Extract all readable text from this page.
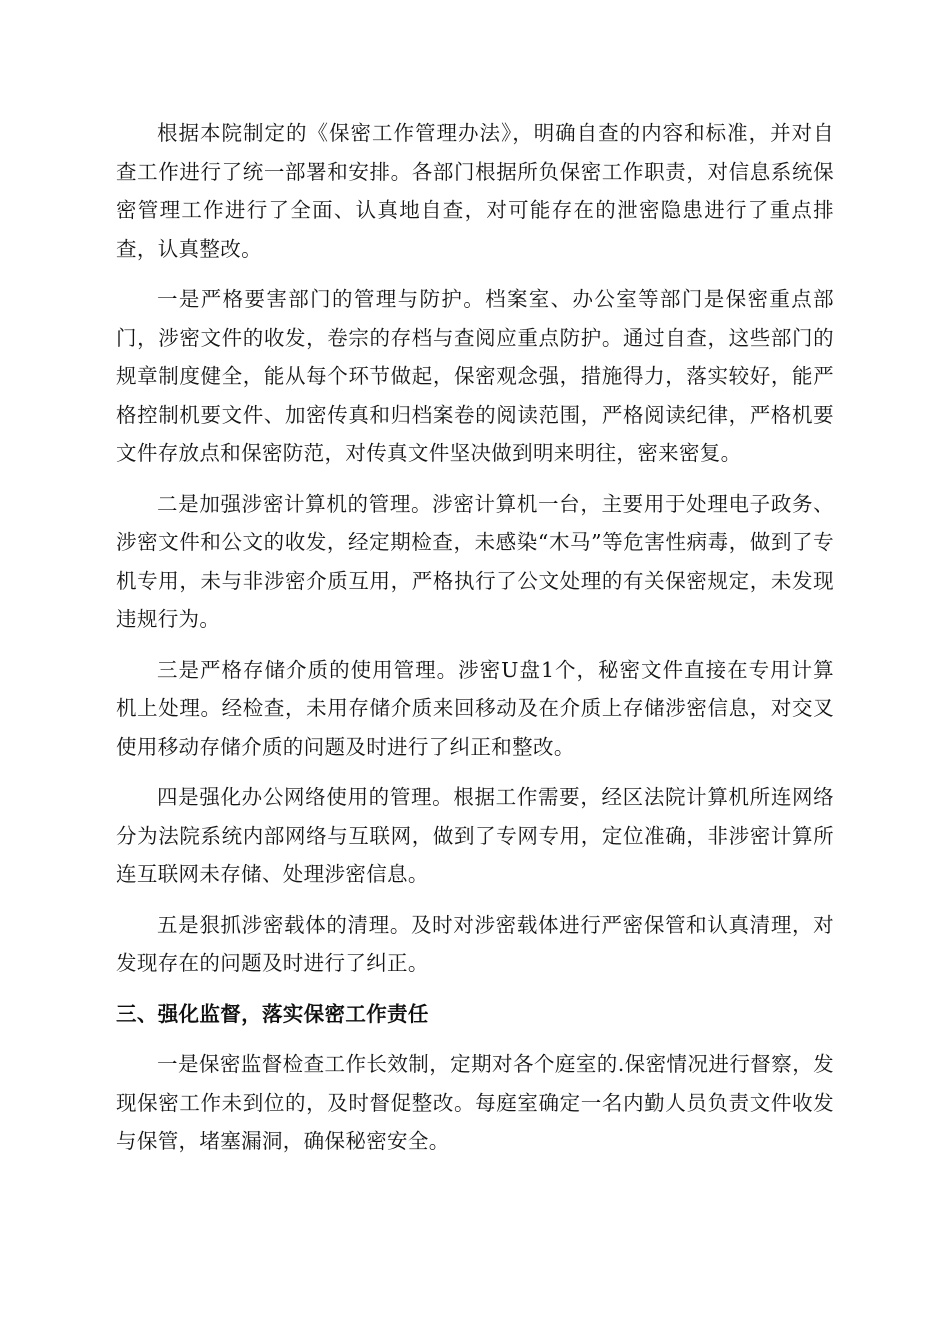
根据本院制定的《保密工作管理办法》，明确自查的内容和标准，并对自查工作进行了统一部署和安排。各部门根据所负保密工作职责，对信息系统保密管理工作进行了全面、认真地自查，对可能存在的泄密隐患进行了重点排查，认真整改。

一是严格要害部门的管理与防护。档案室、办公室等部门是保密重点部门，涉密文件的收发，卷宗的存档与查阅应重点防护。通过自查，这些部门的规章制度健全，能从每个环节做起，保密观念强，措施得力，落实较好，能严格控制机要文件、加密传真和归档案卷的阅读范围，严格阅读纪律，严格机要文件存放点和保密防范，对传真文件坚决做到明来明往，密来密复。

二是加强涉密计算机的管理。涉密计算机一台，主要用于处理电子政务、涉密文件和公文的收发，经定期检查，未感染“木马”等危害性病毒，做到了专机专用，未与非涉密介质互用，严格执行了公文处理的有关保密规定，未发现违规行为。

三是严格存储介质的使用管理。涉密U盘1个，秘密文件直接在专用计算机上处理。经检查，未用存储介质来回移动及在介质上存储涉密信息，对交叉使用移动存储介质的问题及时进行了纠正和整改。

四是强化办公网络使用的管理。根据工作需要，经区法院计算机所连网络分为法院系统内部网络与互联网，做到了专网专用，定位准确，非涉密计算所连互联网未存储、处理涉密信息。

五是狠抓涉密载体的清理。及时对涉密载体进行严密保管和认真清理，对发现存在的问题及时进行了纠正。

三、强化监督，落实保密工作责任

一是保密监督检查工作长效制，定期对各个庭室的.保密情况进行督察，发现保密工作未到位的，及时督促整改。每庭室确定一名内勤人员负责文件收发与保管，堵塞漏洞，确保秘密安全。
